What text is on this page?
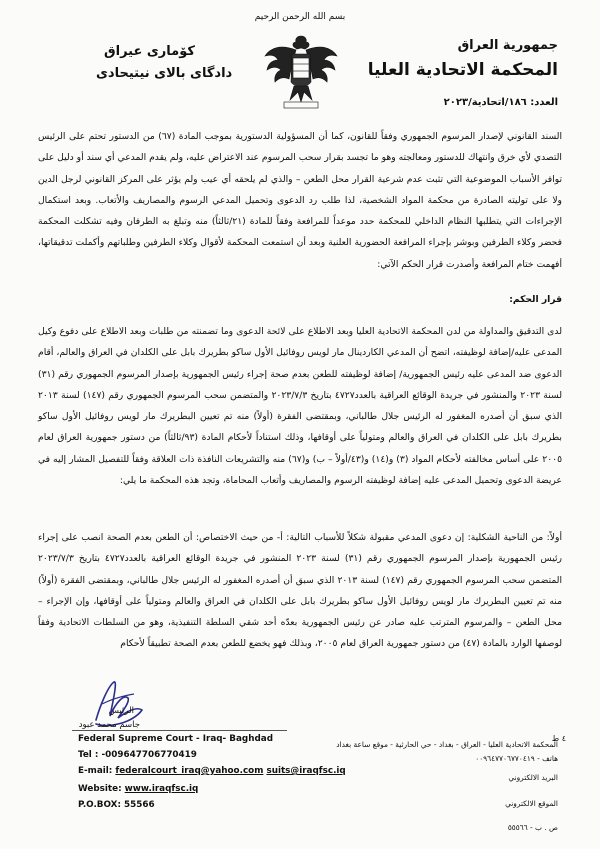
بسم الله الرحمن الرحيم
جمهورية العراق
المحكمة الاتحادية العليا
كۆمارى عيراق
دادگاى بالاى نيتيحادى
العدد: ١٨٦/اتحادية/٢٠٢٣
السند القانوني لإصدار المرسوم الجمهوري وفقاً للقانون، كما أن المسؤولية الدستورية بموجب المادة (٦٧) من الدستور تحتم على الرئيس التصدي لأي خرق وانتهاك للدستور ومعالجته وهو ما تجسد بقرار سحب المرسوم عند الاعتراض عليه، ولم يقدم المدعي أي سند أو دليل على توافر الأسباب الموضوعية التي تثبت عدم شرعية القرار محل الطعن – والذي لم يلحقه أي عيب ولم يؤثر على المركز القانوني لرجل الدين ولا على توليته الصادرة من محكمة المواد الشخصية، لذا طلب رد الدعوى وتحميل المدعي الرسوم والمصاريف والأتعاب. وبعد استكمال الإجراءات التي يتطلبها النظام الداخلي للمحكمة حدد موعداً للمرافعة وفقاً للمادة (٢١/ثالثاً) منه وتبلغ به الطرفان وفيه تشكلت المحكمة فحضر وكلاء الطرفين وبوشر بإجراء المرافعة الحضورية العلنية وبعد أن استمعت المحكمة لأقوال وكلاء الطرفين وطلباتهم وأكملت تدقيقاتها، أفهمت ختام المرافعة وأصدرت قرار الحكم الآتي:
قرار الحكم:
لدى التدقيق والمداولة من لدن المحكمة الاتحادية العليا وبعد الاطلاع على لائحة الدعوى وما تضمنته من طلبات وبعد الاطلاع على دفوع وكيل المدعى عليه/إضافة لوظيفته، اتضح أن المدعي الكاردينال مار لويس روفائيل الأول ساكو بطريرك بابل على الكلدان في العراق والعالم، أقام الدعوى ضد المدعى عليه رئيس الجمهورية/ إضافة لوظيفته للطعن بعدم صحة إجراء رئيس الجمهورية بإصدار المرسوم الجمهوري رقم (٣١) لسنة ٢٠٢٣ والمنشور في جريدة الوقائع العراقية بالعدد٤٧٢٧ بتاريخ ٢٠٢٣/٧/٣ والمتضمن سحب المرسوم الجمهوري رقم (١٤٧) لسنة ٢٠١٣ الذي سبق أن أصدره المغفور له الرئيس جلال طالباني، وبمقتضى الفقرة (أولاً) منه تم تعيين البطريرك مار لويس روفائيل الأول ساكو بطريرك بابل على الكلدان في العراق والعالم ومتولياً على أوقافها، وذلك استناداً لأحكام المادة (٩٣/ثالثاً) من دستور جمهورية العراق لعام ٢٠٠٥ على أساس مخالفته لأحكام المواد (٣) و(١٤) و(٤٣/أولاً – ب) و(٦٧) منه والتشريعات النافذة ذات العلاقة وفقاً للتفصيل المشار إليه في عريضة الدعوى وتحميل المدعى عليه إضافة لوظيفته الرسوم والمصاريف وأتعاب المحاماة، وتجد هذه المحكمة ما يلي:
أولاً: من الناحية الشكلية: إن دعوى المدعي مقبولة شكلاً للأسباب التالية: أ- من حيث الاختصاص: أن الطعن بعدم الصحة انصب على إجراء رئيس الجمهورية بإصدار المرسوم الجمهوري رقم (٣١) لسنة ٢٠٢٣ المنشور في جريدة الوقائع العراقية بالعدد٤٧٢٧ بتاريخ ٢٠٢٣/٧/٣ المتضمن سحب المرسوم الجمهوري رقم (١٤٧) لسنة ٢٠١٣ الذي سبق أن أصدره المغفور له الرئيس جلال طالباني، وبمقتضى الفقرة (أولاً) منه تم تعيين البطريرك مار لويس روفائيل الأول ساكو بطريرك بابل على الكلدان في العراق والعالم ومتولياً على أوقافها، وإن الإجراء – محل الطعن – والمرسوم المترتب عليه صادر عن رئيس الجمهورية بعدّه أحد شقي السلطة التنفيذية، وهو من السلطات الاتحادية وفقاً لوصفها الوارد بالمادة (٤٧) من دستور جمهورية العراق لعام ٢٠٠٥، وبذلك فهو يخضع للطعن بعدم الصحة تطبيقاً لأحكام
الرئيس
جاسم محمد عبود
٤ ط
Federal Supreme Court - Iraq- Baghdad
Tel : -009647706770419
E-mail: federalcourt_iraq@yahoo.com suits@iraqfsc.iq
Website: www.iraqfsc.iq
P.O.BOX: 55566
المحكمة الاتحادية العليا - العراق - بغداد - حي الحارثية - موقع ساعة بغداد
هاتف - ٠٠٩٦٤٧٧٠٦٧٧٠٤١٩
البريد الالكتروني
الموقع الالكتروني
ص . ب - ٥٥٥٦٦
